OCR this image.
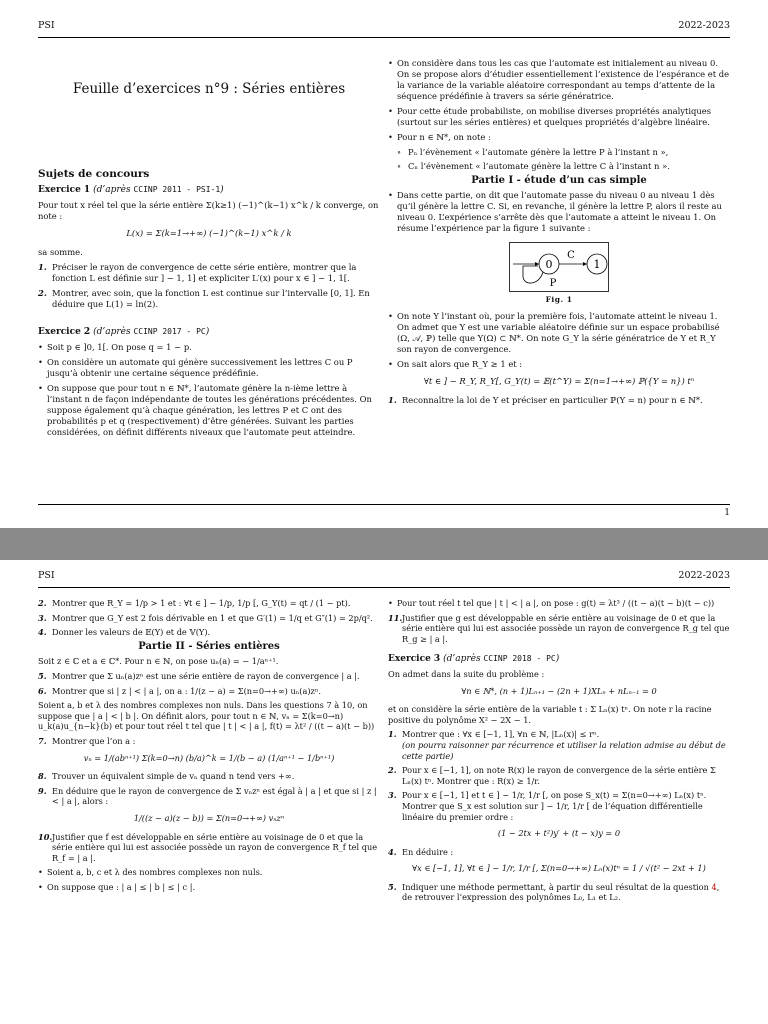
PSI	2022-2023

Feuille d’exercices n°9 : Séries entières

Sujets de concours

Exercice 1 (d’après CCINP 2011 - PSI-1)

Pour tout x réel tel que la série entière Σ(k≥1) (−1)^(k−1) x^k / k converge, on note :

L(x) = Σ(k=1→+∞) (−1)^(k−1) x^k / k

sa somme.

1. Préciser le rayon de convergence de cette série entière, montrer que la fonction L est définie sur ] − 1, 1] et expliciter L′(x) pour x ∈ ] − 1, 1[.
2. Montrer, avec soin, que la fonction L est continue sur l’intervalle [0, 1]. En déduire que L(1) = ln(2).

Exercice 2 (d’après CCINP 2017 - PC)

• Soit p ∈ ]0, 1[. On pose q = 1 − p.
• On considère un automate qui génère successivement les lettres C ou P jusqu’à obtenir une certaine séquence prédéfinie.
• On suppose que pour tout n ∈ ℕ*, l’automate génère la n-ième lettre à l’instant n de façon indépendante de toutes les générations précédentes. On suppose également qu’à chaque génération, les lettres P et C ont des probabilités p et q (respectivement) d’être générées. Suivant les parties considérées, on définit différents niveaux que l’automate peut atteindre.
• On considère dans tous les cas que l’automate est initialement au niveau 0. On se propose alors d’étudier essentiellement l’existence de l’espérance et de la variance de la variable aléatoire correspondant au temps d’attente de la séquence prédéfinie à travers sa série génératrice.
• Pour cette étude probabiliste, on mobilise diverses propriétés analytiques (surtout sur les séries entières) et quelques propriétés d’algèbre linéaire.
• Pour n ∈ ℕ*, on note :
∘ Pₙ l’évènement « l’automate génère la lettre P à l’instant n »,
∘ Cₙ l’évènement « l’automate génère la lettre C à l’instant n ».

Partie I - étude d’un cas simple

• Dans cette partie, on dit que l’automate passe du niveau 0 au niveau 1 dès qu’il génère la lettre C. Si, en revanche, il génère la lettre P, alors il reste au niveau 0. L’expérience s’arrête dès que l’automate a atteint le niveau 1. On résume l’expérience par la figure 1 suivante :
0	1
C
P
Fig. 1
• On note Y l’instant où, pour la première fois, l’automate atteint le niveau 1. On admet que Y est une variable aléatoire définie sur un espace probabilisé (Ω, 𝒜, ℙ) telle que Y(Ω) ⊂ ℕ*. On note G_Y la série génératrice de Y et R_Y son rayon de convergence.
• On sait alors que R_Y ≥ 1 et :
∀t ∈ ] − R_Y, R_Y[, G_Y(t) = 𝔼(t^Y) = Σ(n=1→+∞) ℙ({Y = n}) tⁿ
1. Reconnaître la loi de Y et préciser en particulier ℙ(Y = n) pour n ∈ ℕ*.
1
PSI	2022-2023
2. Montrer que R_Y = 1/p > 1 et : ∀t ∈ ] − 1/p, 1/p [, G_Y(t) = qt / (1 − pt).
3. Montrer que G_Y est 2 fois dérivable en 1 et que G′(1) = 1/q et G″(1) = 2p/q².
4. Donner les valeurs de 𝔼(Y) et de 𝕍(Y).

Partie II - Séries entières

Soit z ∈ ℂ et a ∈ ℂ*. Pour n ∈ ℕ, on pose uₙ(a) = − 1/aⁿ⁺¹.

5. Montrer que Σ uₙ(a)zⁿ est une série entière de rayon de convergence | a |.
6. Montrer que si | z | < | a |, on a : 1/(z − a) = Σ(n=0→+∞) uₙ(a)zⁿ.

Soient a, b et λ des nombres complexes non nuls. Dans les questions 7 à 10, on suppose que | a | < | b |. On définit alors, pour tout n ∈ ℕ, vₙ = Σ(k=0→n) u_k(a)u_{n−k}(b) et pour tout réel t tel que | t | < | a |, f(t) = λt² / ((t − a)(t − b))

7. Montrer que l’on a :
vₙ = 1/(abⁿ⁺¹) Σ(k=0→n) (b/a)^k = 1/(b − a) (1/aⁿ⁺¹ − 1/bⁿ⁺¹)
8. Trouver un équivalent simple de vₙ quand n tend vers +∞.
9. En déduire que le rayon de convergence de Σ vₙzⁿ est égal à | a | et que si | z | < | a |, alors :
1/((z − a)(z − b)) = Σ(n=0→+∞) vₙzⁿ
10. Justifier que f est développable en série entière au voisinage de 0 et que la série entière qui lui est associée possède un rayon de convergence R_f tel que R_f = | a |.
• Soient a, b, c et λ des nombres complexes non nuls.
• On suppose que : | a | ≤ | b | ≤ | c |.
• Pour tout réel t tel que | t | < | a |, on pose : g(t) = λt³ / ((t − a)(t − b)(t − c))
11. Justifier que g est développable en série entière au voisinage de 0 et que la série entière qui lui est associée possède un rayon de convergence R_g tel que R_g ≥ | a |.

Exercice 3 (d’après CCINP 2018 - PC)

On admet dans la suite du problème :

∀n ∈ ℕ*, (n + 1)Lₙ₊₁ − (2n + 1)XLₙ + nLₙ₋₁ = 0

et on considère la série entière de la variable t : Σ Lₙ(x) tⁿ. On note r la racine positive du polynôme X² − 2X − 1.

1. Montrer que : ∀x ∈ [−1, 1], ∀n ∈ ℕ, |Lₙ(x)| ≤ rⁿ.
(on pourra raisonner par récurrence et utiliser la relation admise au début de cette partie)
2. Pour x ∈ [−1, 1], on note R(x) le rayon de convergence de la série entière Σ Lₙ(x) tⁿ. Montrer que : R(x) ≥ 1/r.
3. Pour x ∈ [−1, 1] et t ∈ ] − 1/r, 1/r [, on pose S_x(t) = Σ(n=0→+∞) Lₙ(x) tⁿ.
Montrer que S_x est solution sur ] − 1/r, 1/r [ de l’équation différentielle linéaire du premier ordre :
(1 − 2tx + t²)y′ + (t − x)y = 0
4. En déduire :
∀x ∈ [−1, 1], ∀t ∈ ] − 1/r, 1/r [, Σ(n=0→+∞) Lₙ(x)tⁿ = 1 / √(t² − 2xt + 1)
5. Indiquer une méthode permettant, à partir du seul résultat de la question 4, de retrouver l’expression des polynômes L₀, L₁ et L₂.
